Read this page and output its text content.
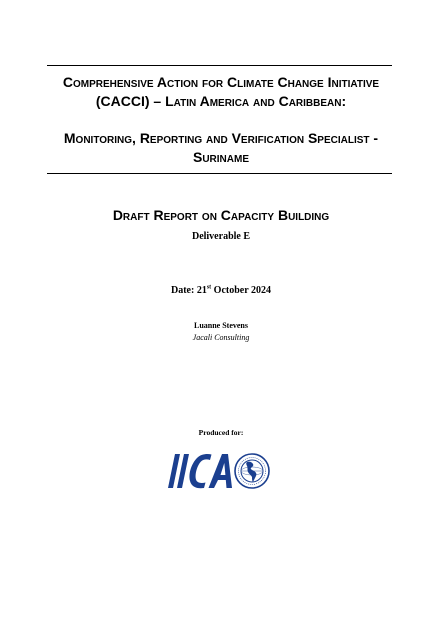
Comprehensive Action for Climate Change Initiative
(CACCI) – Latin America and Caribbean:
Monitoring, Reporting and Verification Specialist -
Suriname
Draft Report on Capacity Building
Deliverable E
Date: 21st October 2024
Luanne Stevens
Jacali Consulting
Produced for:
